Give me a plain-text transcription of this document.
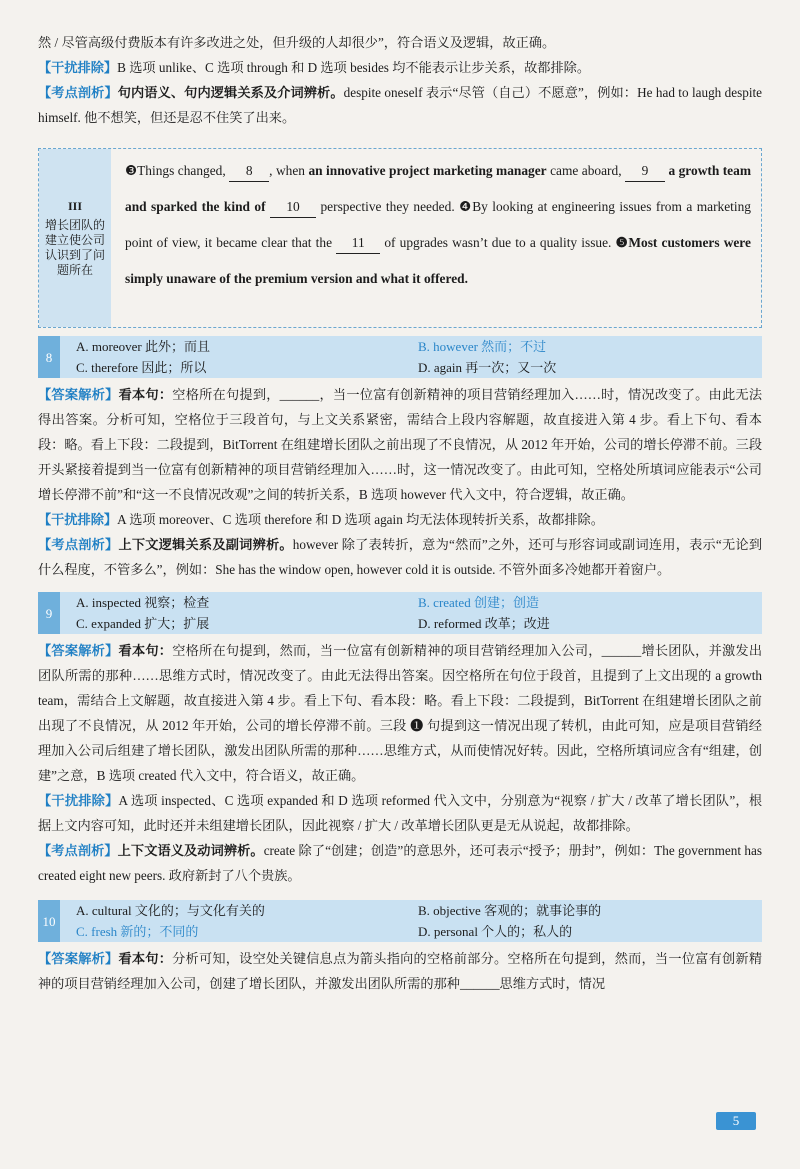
然 / 尽管高级付费版本有许多改进之处，但升级的人却很少”，符合语义及逻辑，故正确。

【干扰排除】B 选项 unlike、C 选项 through 和 D 选项 besides 均不能表示让步关系，故都排除。

【考点剖析】句内语义、句内逻辑关系及介词辨析。despite oneself 表示“尽管（自己）不愿意”，例如：He had to laugh despite himself. 他不想笑，但还是忍不住笑了出来。

III
增长团队的建立使公司认识到了问题所在
❸Things changed, 8 , when an innovative project marketing manager came aboard, 9 a growth team and sparked the kind of 10 perspective they needed. ❹By looking at engineering issues from a marketing point of view, it became clear that the 11 of upgrades wasn’t due to a quality issue. ❺Most customers were simply unaware of the premium version and what it offered.
8
A. moreover 此外；而且	B. however 然而；不过
C. therefore 因此；所以	D. again 再一次；又一次

【答案解析】看本句：空格所在句提到，______，当一位富有创新精神的项目营销经理加入……时，情况改变了。由此无法得出答案。分析可知，空格位于三段首句，与上文关系紧密，需结合上段内容解题，故直接进入第 4 步。看上下句、看本段：略。看上下段：二段提到，BitTorrent 在组建增长团队之前出现了不良情况，从 2012 年开始，公司的增长停滞不前。三段开头紧接着提到当一位富有创新精神的项目营销经理加入……时，这一情况改变了。由此可知，空格处所填词应能表示“公司增长停滞不前”和“这一不良情况改观”之间的转折关系，B 选项 however 代入文中，符合逻辑，故正确。

【干扰排除】A 选项 moreover、C 选项 therefore 和 D 选项 again 均无法体现转折关系，故都排除。

【考点剖析】上下文逻辑关系及副词辨析。however 除了表转折，意为“然而”之外，还可与形容词或副词连用，表示“无论到什么程度，不管多么”，例如：She has the window open, however cold it is outside. 不管外面多冷她都开着窗户。

9
A. inspected 视察；检查	B. created 创建；创造
C. expanded 扩大；扩展	D. reformed 改革；改进

【答案解析】看本句：空格所在句提到，然而，当一位富有创新精神的项目营销经理加入公司，______增长团队，并激发出团队所需的那种……思维方式时，情况改变了。由此无法得出答案。因空格所在句位于段首，且提到了上文出现的 a growth team，需结合上文解题，故直接进入第 4 步。看上下句、看本段：略。看上下段：二段提到，BitTorrent 在组建增长团队之前出现了不良情况，从 2012 年开始，公司的增长停滞不前。三段 ❶ 句提到这一情况出现了转机，由此可知，应是项目营销经理加入公司后组建了增长团队，激发出团队所需的那种……思维方式，从而使情况好转。因此，空格所填词应含有“组建，创建”之意，B 选项 created 代入文中，符合语义，故正确。

【干扰排除】A 选项 inspected、C 选项 expanded 和 D 选项 reformed 代入文中，分别意为“视察 / 扩大 / 改革了增长团队”，根据上文内容可知，此时还并未组建增长团队，因此视察 / 扩大 / 改革增长团队更是无从说起，故都排除。

【考点剖析】上下文语义及动词辨析。create 除了“创建；创造”的意思外，还可表示“授予；册封”，例如：The government has created eight new peers. 政府新封了八个贵族。

10
A. cultural 文化的；与文化有关的	B. objective 客观的；就事论事的
C. fresh 新的；不同的	D. personal 个人的；私人的

【答案解析】看本句：分析可知，设空处关键信息点为箭头指向的空格前部分。空格所在句提到，然而，当一位富有创新精神的项目营销经理加入公司，创建了增长团队，并激发出团队所需的那种______思维方式时，情况

5
